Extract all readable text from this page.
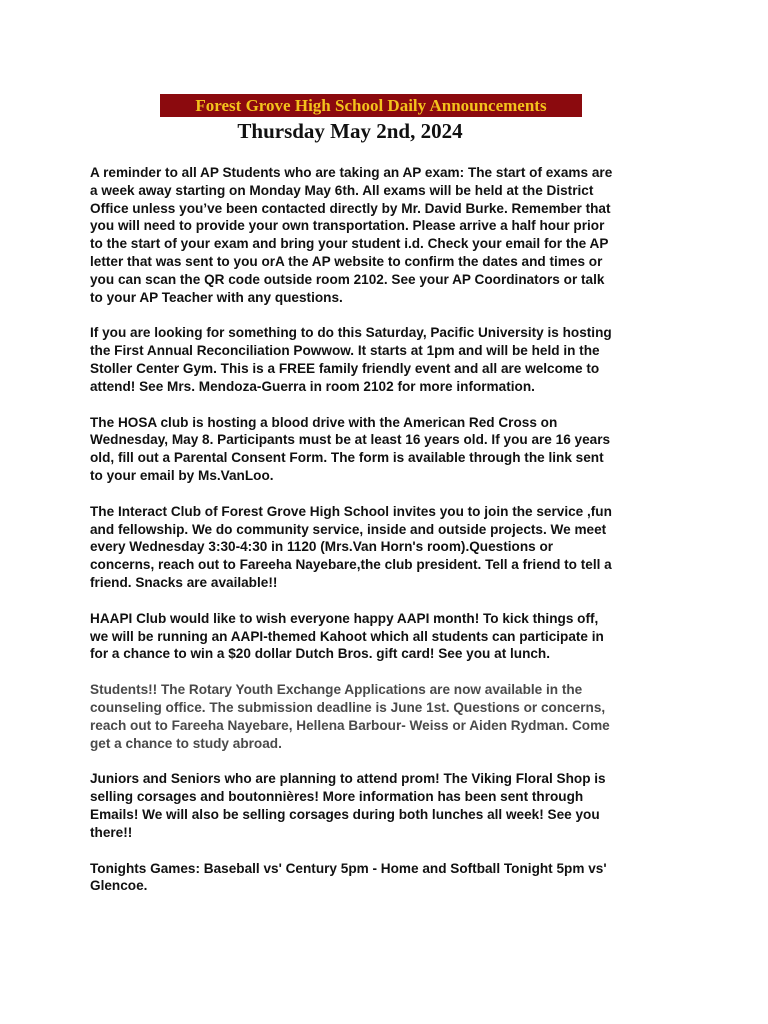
Forest Grove High School Daily Announcements
Thursday May 2nd, 2024

A reminder to all AP Students who are taking an AP exam: The start of exams are
a week away starting on Monday May 6th. All exams will be held at the District
Office unless you’ve been contacted directly by Mr. David Burke. Remember that
you will need to provide your own transportation. Please arrive a half hour prior
to the start of your exam and bring your student i.d. Check your email for the AP
letter that was sent to you orA the AP website to confirm the dates and times or
you can scan the QR code outside room 2102. See your AP Coordinators or talk
to your AP Teacher with any questions.

If you are looking for something to do this Saturday, Pacific University is hosting
the First Annual Reconciliation Powwow. It starts at 1pm and will be held in the
Stoller Center Gym. This is a FREE family friendly event and all are welcome to
attend! See Mrs. Mendoza-Guerra in room 2102 for more information.

The HOSA club is hosting a blood drive with the American Red Cross on
Wednesday, May 8. Participants must be at least 16 years old. If you are 16 years
old, fill out a Parental Consent Form. The form is available through the link sent
to your email by Ms.VanLoo.

The Interact Club of Forest Grove High School invites you to join the service ,fun
and fellowship. We do community service, inside and outside projects. We meet
every Wednesday 3:30-4:30 in 1120 (Mrs.Van Horn's room).Questions or
concerns, reach out to Fareeha Nayebare,the club president. Tell a friend to tell a
friend. Snacks are available!!

HAAPI Club would like to wish everyone happy AAPI month! To kick things off,
we will be running an AAPI-themed Kahoot which all students can participate in
for a chance to win a $20 dollar Dutch Bros. gift card! See you at lunch.

Students!! The Rotary Youth Exchange Applications are now available in the
counseling office. The submission deadline is June 1st. Questions or concerns,
reach out to Fareeha Nayebare, Hellena Barbour- Weiss or Aiden Rydman. Come
get a chance to study abroad.

Juniors and Seniors who are planning to attend prom! The Viking Floral Shop is
selling corsages and boutonnières! More information has been sent through
Emails! We will also be selling corsages during both lunches all week! See you
there!!

Tonights Games: Baseball vs' Century 5pm - Home and Softball Tonight 5pm vs'
Glencoe.
